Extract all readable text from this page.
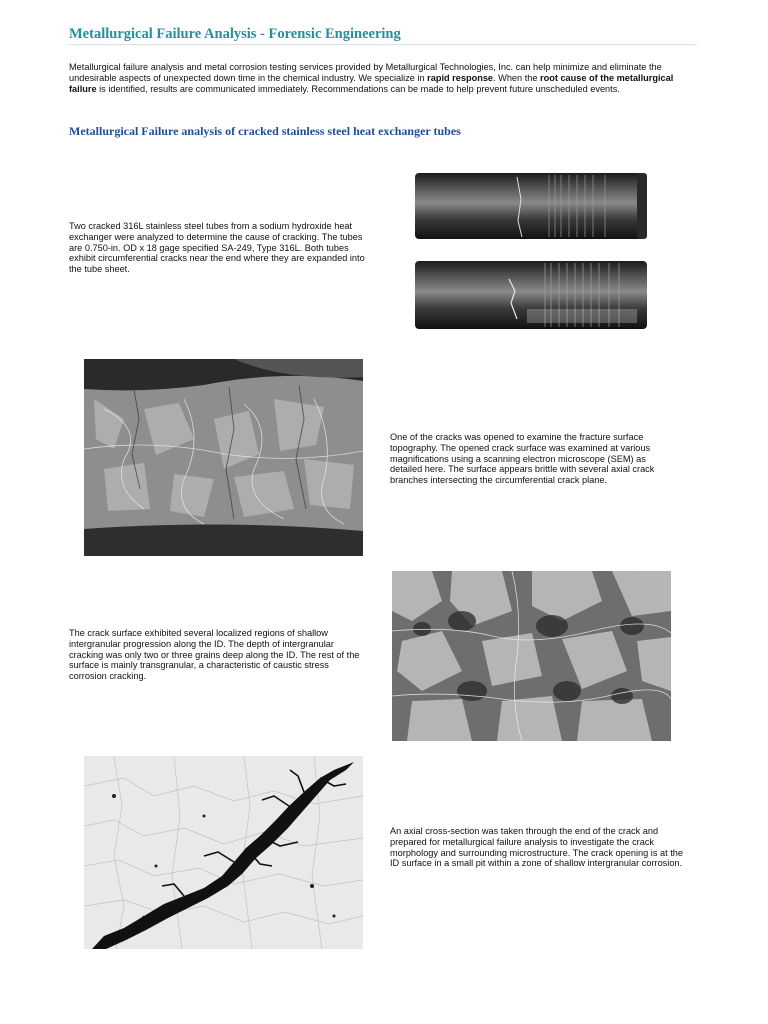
Metallurgical Failure Analysis - Forensic Engineering

Metallurgical failure analysis and metal corrosion testing services provided by Metallurgical Technologies, Inc. can help minimize and eliminate the undesirable aspects of unexpected down time in the chemical industry. We specialize in rapid response. When the root cause of the metallurgical failure is identified, results are communicated immediately. Recommendations can be made to help prevent future unscheduled events.

Metallurgical Failure analysis of cracked stainless steel heat exchanger tubes
Two cracked 316L stainless steel tubes from a sodium hydroxide heat exchanger were analyzed to determine the cause of cracking. The tubes are 0.750-in. OD x 18 gage specified SA-249, Type 316L. Both tubes exhibit circumferential cracks near the end where they are expanded into the tube sheet.
One of the cracks was opened to examine the fracture surface topography. The opened crack surface was examined at various magnifications using a scanning electron microscope (SEM) as detailed here. The surface appears brittle with several axial crack branches intersecting the circumferential crack plane.
The crack surface exhibited several localized regions of shallow intergranular progression along the ID. The depth of intergranular cracking was only two or three grains deep along the ID. The rest of the surface is mainly transgranular, a characteristic of caustic stress corrosion cracking.
An axial cross-section was taken through the end of the crack and prepared for metallurgical failure analysis to investigate the crack morphology and surrounding microstructure. The crack opening is at the ID surface in a small pit within a zone of shallow intergranular corrosion.
